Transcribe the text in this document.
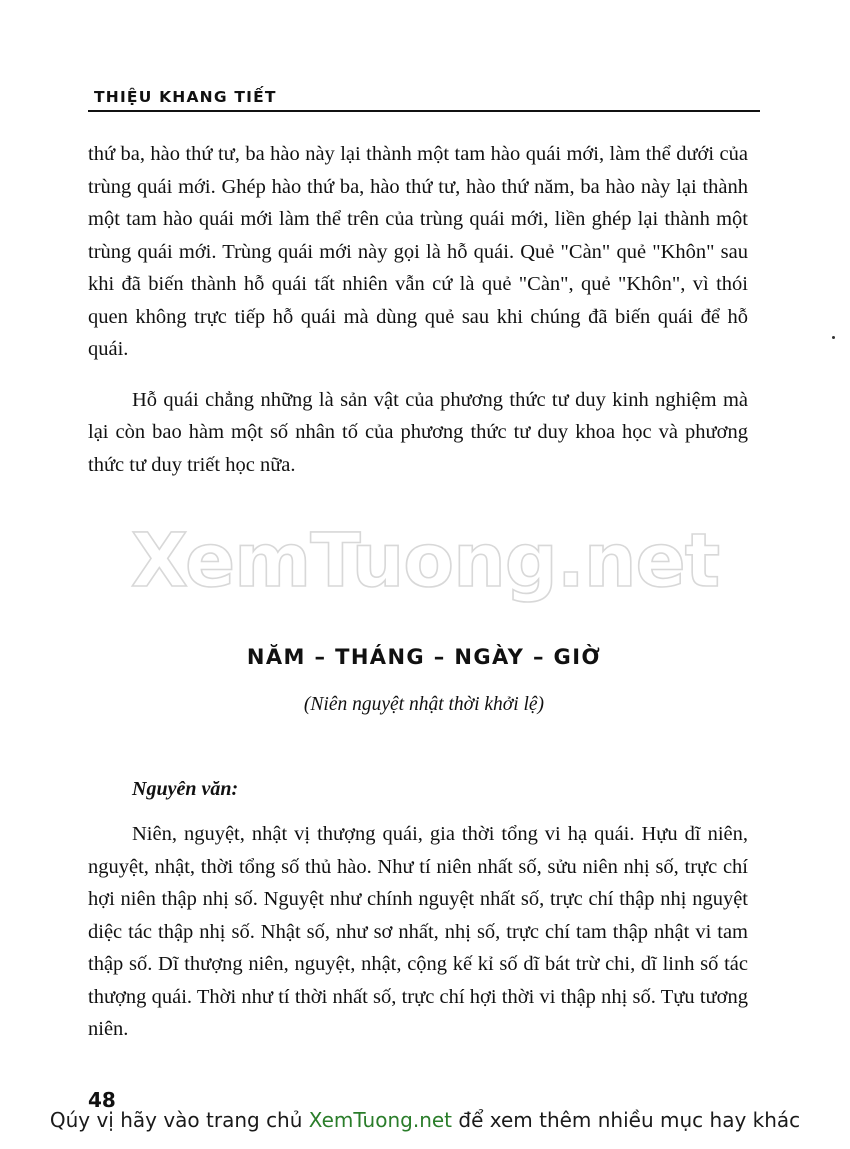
THIỆU KHANG TIẾT

thứ ba, hào thứ tư, ba hào này lại thành một tam hào quái mới, làm thể dưới của trùng quái mới. Ghép hào thứ ba, hào thứ tư, hào thứ năm, ba hào này lại thành một tam hào quái mới làm thể trên của trùng quái mới, liền ghép lại thành một trùng quái mới. Trùng quái mới này gọi là hỗ quái. Quẻ "Càn" quẻ "Khôn" sau khi đã biến thành hỗ quái tất nhiên vẫn cứ là quẻ "Càn", quẻ "Khôn", vì thói quen không trực tiếp hỗ quái mà dùng quẻ sau khi chúng đã biến quái để hỗ quái.

Hỗ quái chẳng những là sản vật của phương thức tư duy kinh nghiệm mà lại còn bao hàm một số nhân tố của phương thức tư duy khoa học và phương thức tư duy triết học nữa.

XemTuong.net
NĂM – THÁNG – NGÀY – GIỜ
(Niên nguyệt nhật thời khởi lệ)
Nguyên văn:

Niên, nguyệt, nhật vị thượng quái, gia thời tổng vi hạ quái. Hựu dĩ niên, nguyệt, nhật, thời tổng số thủ hào. Như tí niên nhất số, sửu niên nhị số, trực chí hợi niên thập nhị số. Nguyệt như chính nguyệt nhất số, trực chí thập nhị nguyệt diệc tác thập nhị số. Nhật số, như sơ nhất, nhị số, trực chí tam thập nhật vi tam thập số. Dĩ thượng niên, nguyệt, nhật, cộng kế kỉ số dĩ bát trừ chi, dĩ linh số tác thượng quái. Thời như tí thời nhất số, trực chí hợi thời vi thập nhị số. Tựu tương niên.

48
Qúy vị hãy vào trang chủ XemTuong.net để xem thêm nhiều mục hay khác
